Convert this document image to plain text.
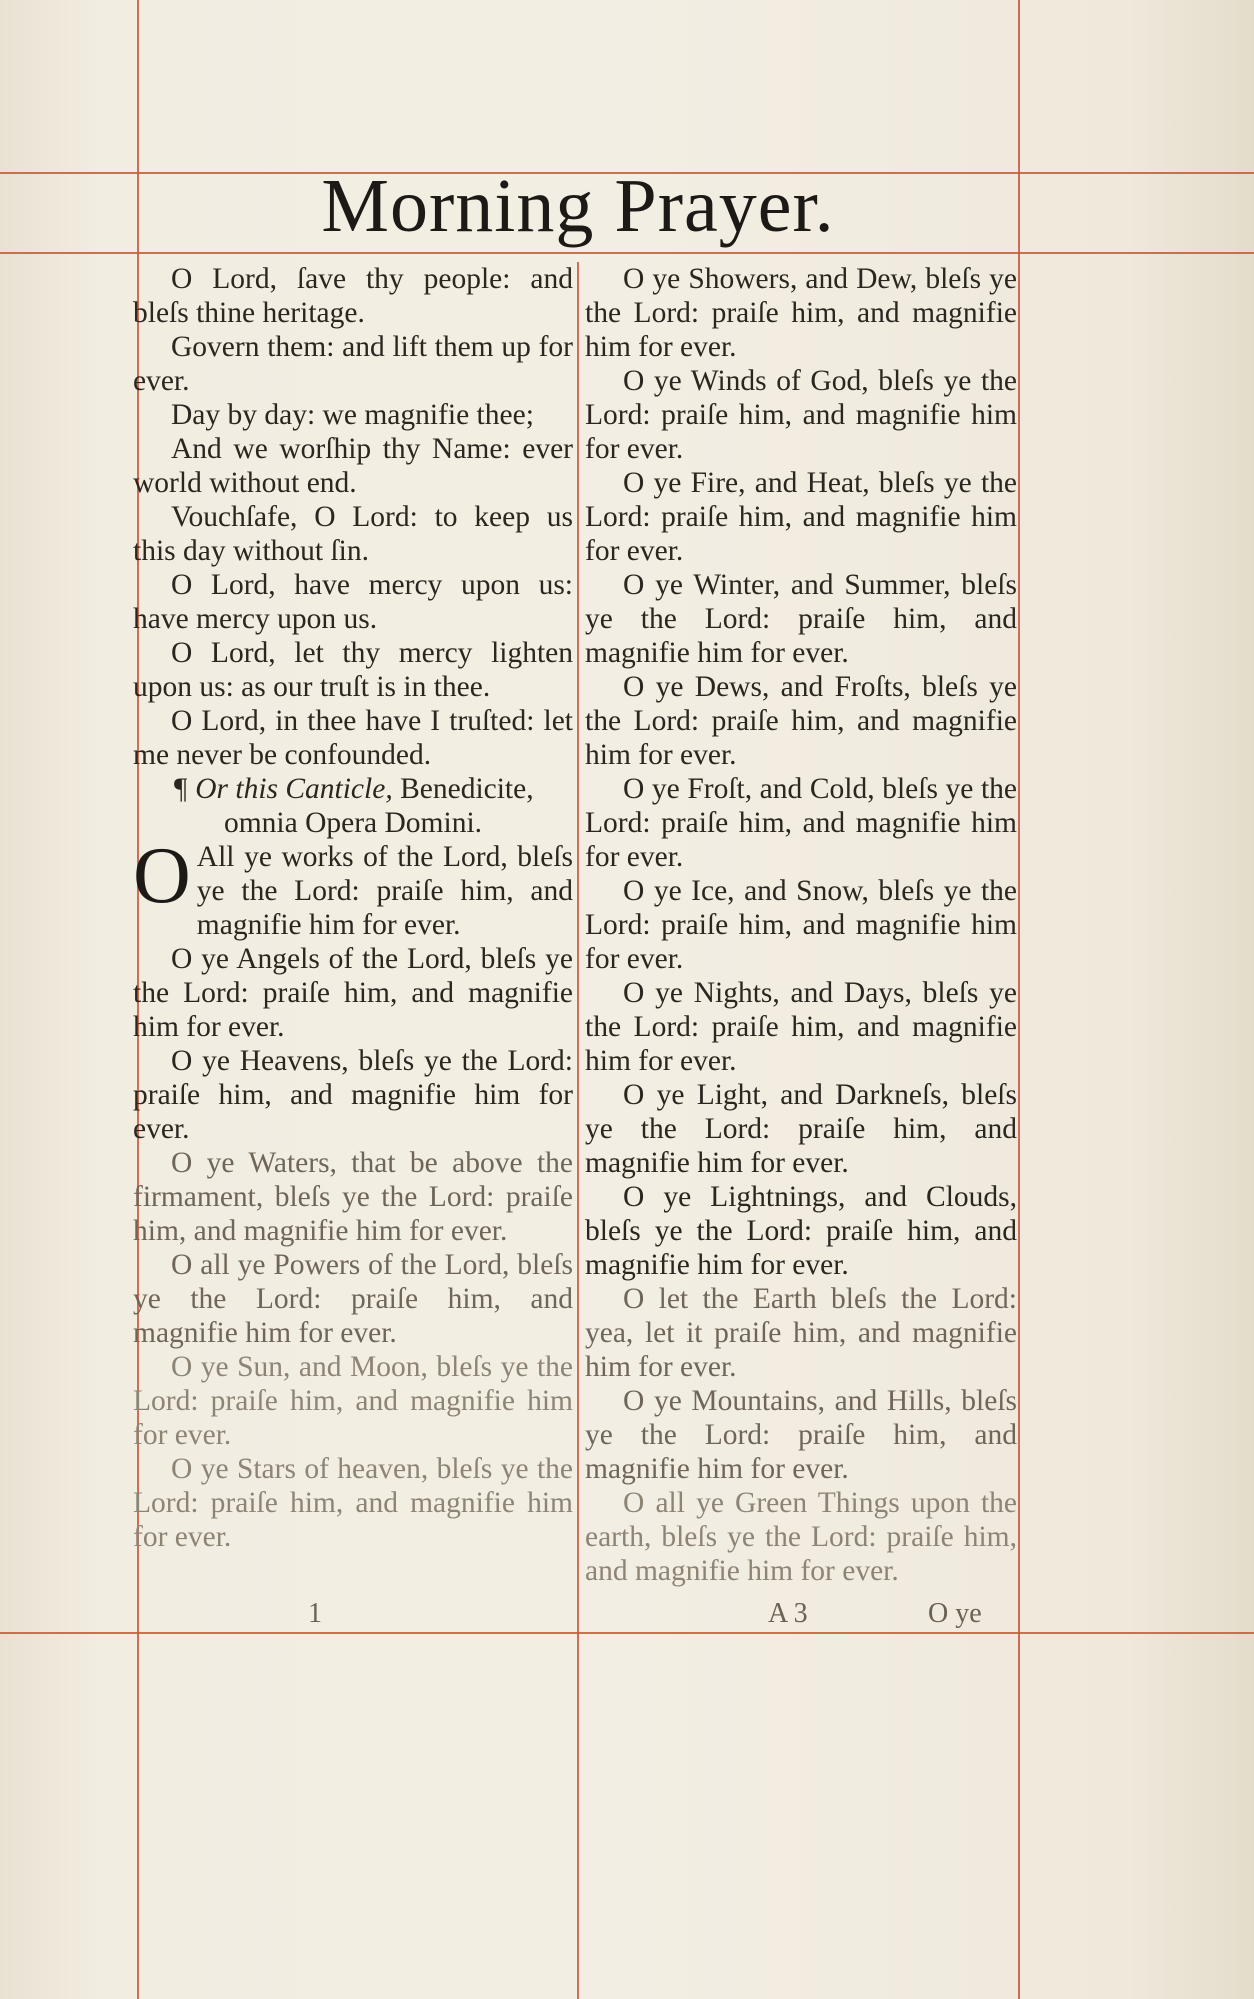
Morning Prayer.

O Lord, ſave thy people: and bleſs thine heritage.

Govern them: and lift them up for ever.

Day by day: we magnifie thee;

And we worſhip thy Name: ever world without end.

Vouchſafe, O Lord: to keep us this day without ſin.

O Lord, have mercy upon us: have mercy upon us.

O Lord, let thy mercy lighten upon us: as our truſt is in thee.

O Lord, in thee have I truſted: let me never be confounded.

¶ Or this Canticle, Benedicite,

omnia Opera Domini.

O All ye works of the Lord, bleſs ye the Lord: praiſe him, and magnifie him for ever.

O ye Angels of the Lord, bleſs ye the Lord: praiſe him, and magnifie him for ever.

O ye Heavens, bleſs ye the Lord: praiſe him, and magnifie him for ever.

O ye Waters, that be above the firmament, bleſs ye the Lord: praiſe him, and magnifie him for ever.

O all ye Powers of the Lord, bleſs ye the Lord: praiſe him, and magnifie him for ever.

O ye Sun, and Moon, bleſs ye the Lord: praiſe him, and magnifie him for ever.

O ye Stars of heaven, bleſs ye the Lord: praiſe him, and magnifie him for ever.

O ye Showers, and Dew, bleſs ye the Lord: praiſe him, and magnifie him for ever.

O ye Winds of God, bleſs ye the Lord: praiſe him, and magnifie him for ever.

O ye Fire, and Heat, bleſs ye the Lord: praiſe him, and magnifie him for ever.

O ye Winter, and Summer, bleſs ye the Lord: praiſe him, and magnifie him for ever.

O ye Dews, and Froſts, bleſs ye the Lord: praiſe him, and magnifie him for ever.

O ye Froſt, and Cold, bleſs ye the Lord: praiſe him, and magnifie him for ever.

O ye Ice, and Snow, bleſs ye the Lord: praiſe him, and magnifie him for ever.

O ye Nights, and Days, bleſs ye the Lord: praiſe him, and magnifie him for ever.

O ye Light, and Darkneſs, bleſs ye the Lord: praiſe him, and magnifie him for ever.

O ye Lightnings, and Clouds, bleſs ye the Lord: praiſe him, and magnifie him for ever.

O let the Earth bleſs the Lord: yea, let it praiſe him, and magnifie him for ever.

O ye Mountains, and Hills, bleſs ye the Lord: praiſe him, and magnifie him for ever.

O all ye Green Things upon the earth, bleſs ye the Lord: praiſe him, and magnifie him for ever.

1	A 3	O ye
